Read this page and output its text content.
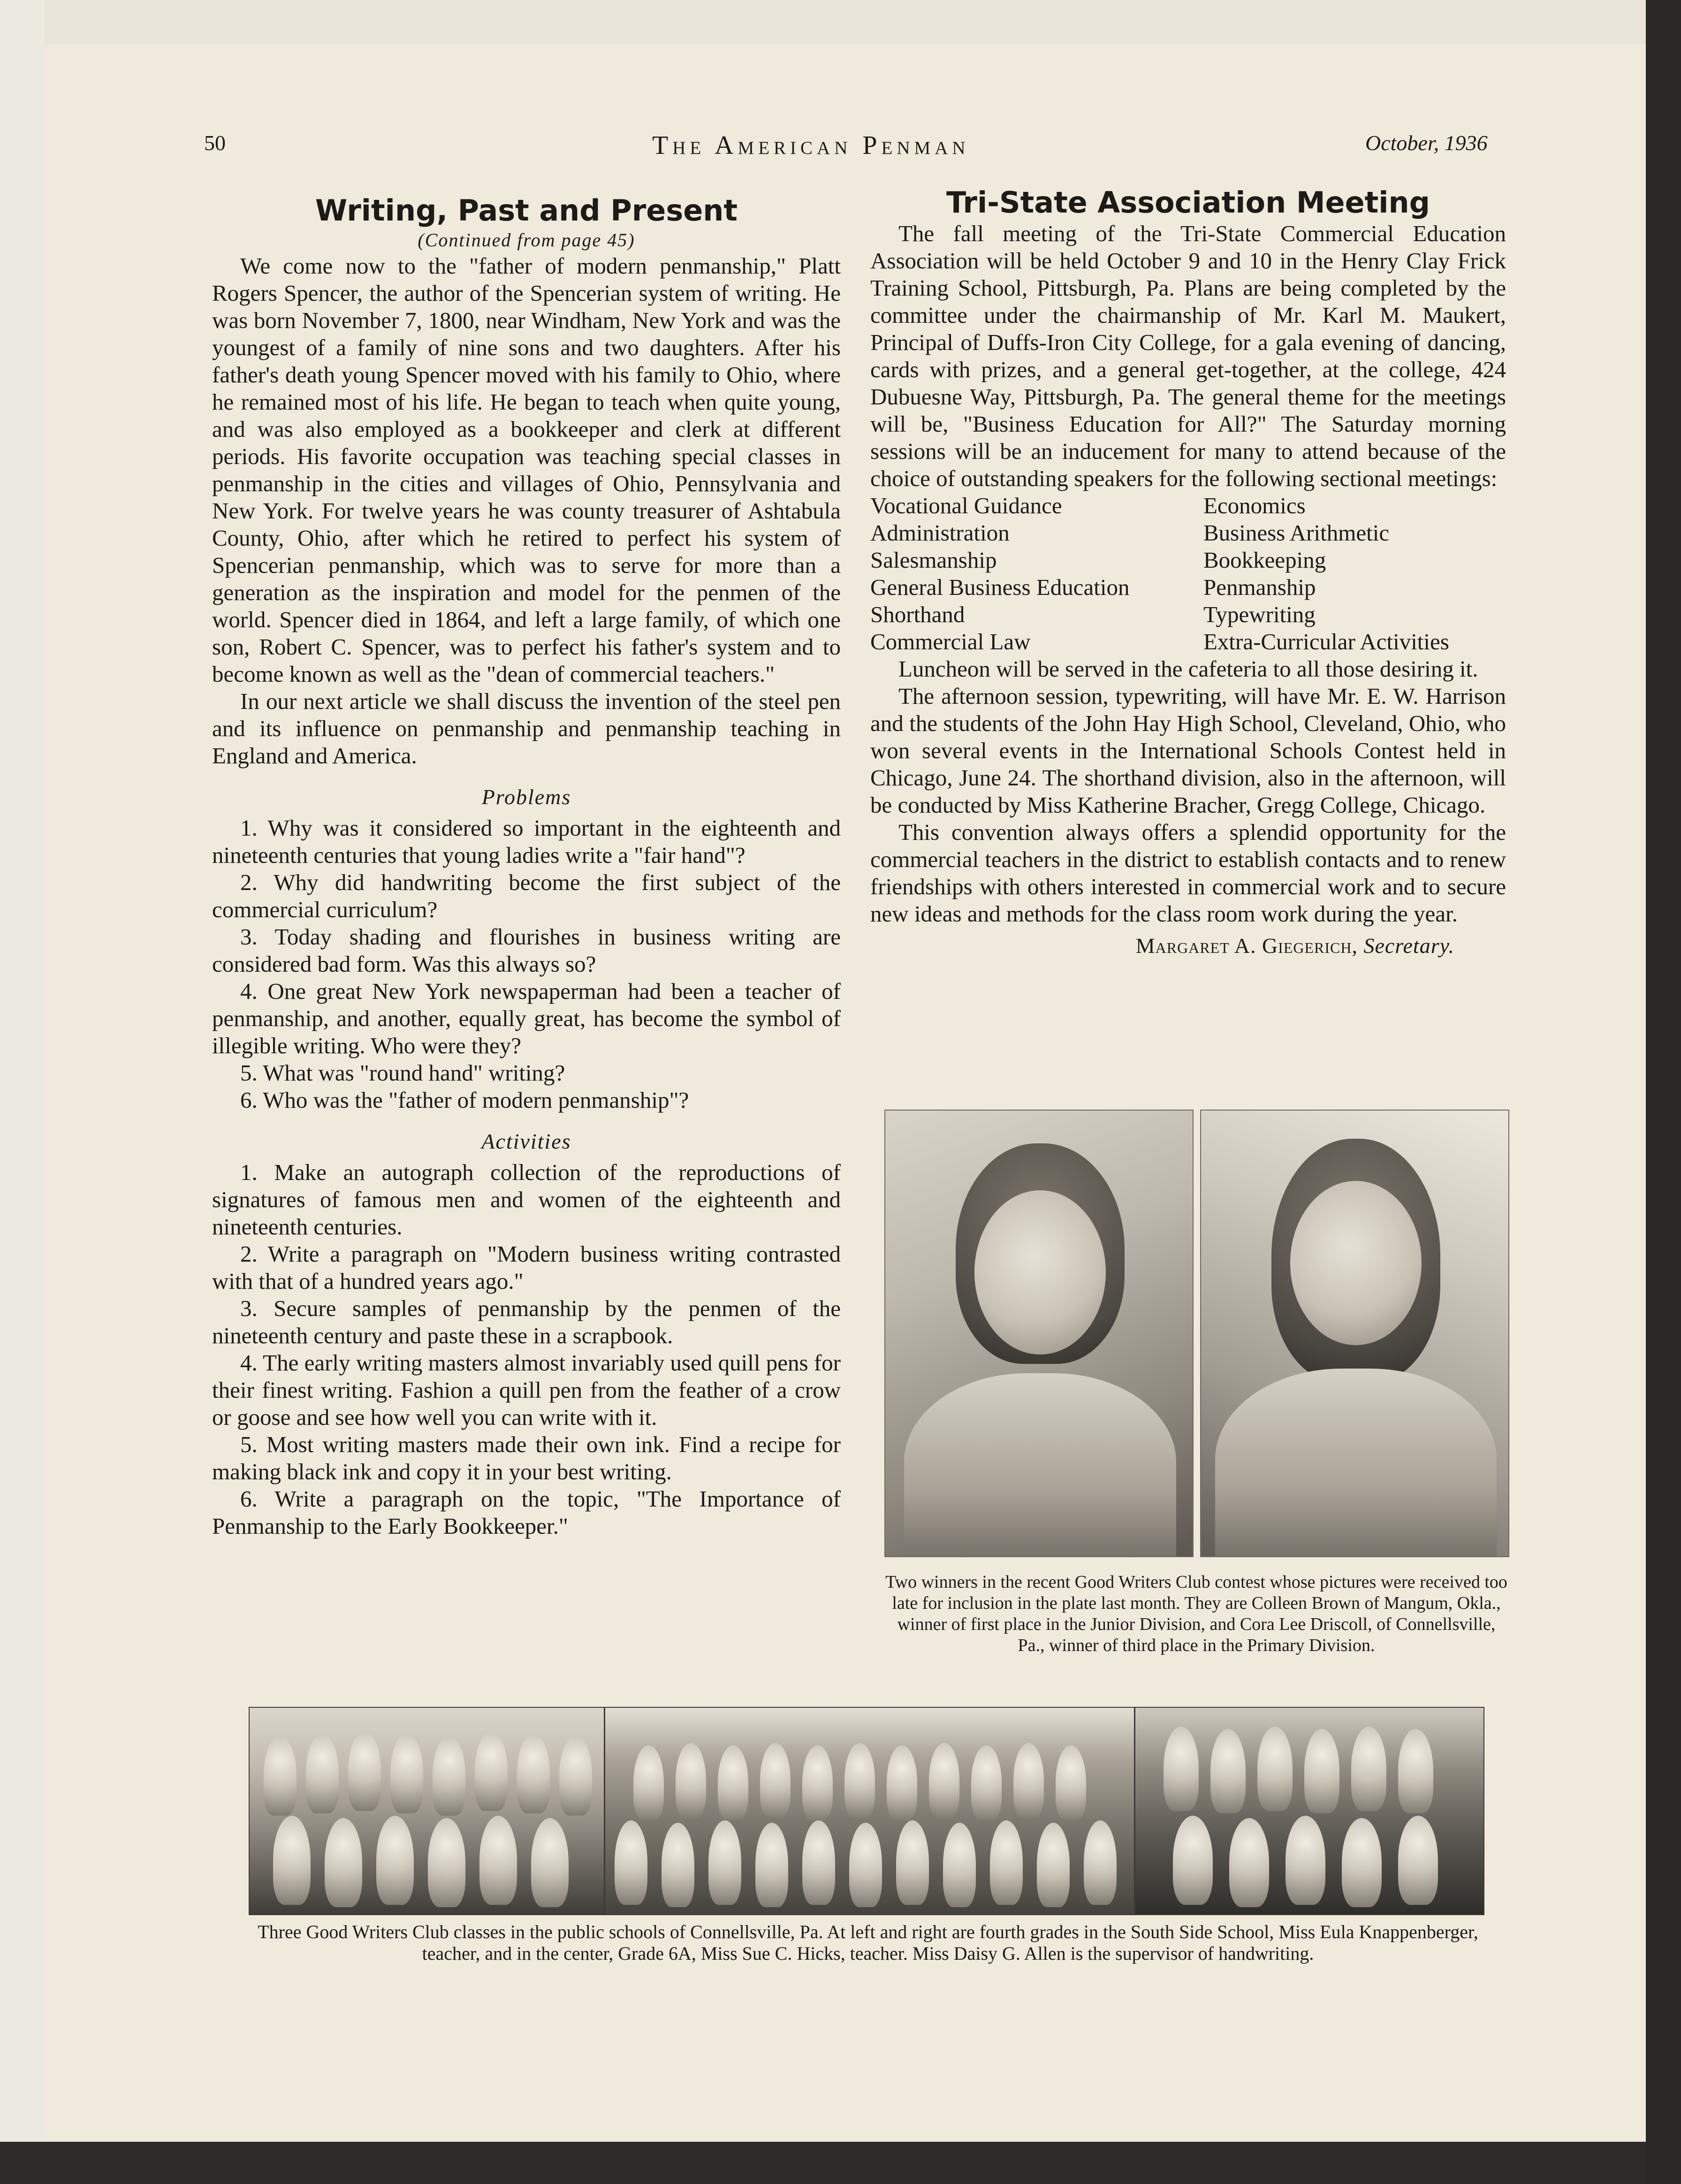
50	The American Penman	October, 1936
Writing, Past and Present
(Continued from page 45)

We come now to the "father of modern penmanship," Platt Rogers Spencer, the author of the Spencerian system of writing. He was born November 7, 1800, near Windham, New York and was the youngest of a family of nine sons and two daughters. After his father's death young Spencer moved with his family to Ohio, where he remained most of his life. He began to teach when quite young, and was also employed as a bookkeeper and clerk at different periods. His favorite occupation was teaching special classes in penmanship in the cities and villages of Ohio, Pennsylvania and New York. For twelve years he was county treasurer of Ashtabula County, Ohio, after which he retired to perfect his system of Spencerian penmanship, which was to serve for more than a generation as the inspiration and model for the penmen of the world. Spencer died in 1864, and left a large family, of which one son, Robert C. Spencer, was to perfect his father's system and to become known as well as the "dean of commercial teachers."

In our next article we shall discuss the invention of the steel pen and its influence on penmanship and penmanship teaching in England and America.

Problems

1. Why was it considered so important in the eighteenth and nineteenth centuries that young ladies write a "fair hand"?

2. Why did handwriting become the first subject of the commercial curriculum?

3. Today shading and flourishes in business writing are considered bad form. Was this always so?

4. One great New York newspaperman had been a teacher of penmanship, and another, equally great, has become the symbol of illegible writing. Who were they?

5. What was "round hand" writing?

6. Who was the "father of modern penmanship"?

Activities

1. Make an autograph collection of the reproductions of signatures of famous men and women of the eighteenth and nineteenth centuries.

2. Write a paragraph on "Modern business writing contrasted with that of a hundred years ago."

3. Secure samples of penmanship by the penmen of the nineteenth century and paste these in a scrapbook.

4. The early writing masters almost invariably used quill pens for their finest writing. Fashion a quill pen from the feather of a crow or goose and see how well you can write with it.

5. Most writing masters made their own ink. Find a recipe for making black ink and copy it in your best writing.

6. Write a paragraph on the topic, "The Importance of Penmanship to the Early Bookkeeper."

Tri-State Association Meeting

The fall meeting of the Tri-State Commercial Education Association will be held October 9 and 10 in the Henry Clay Frick Training School, Pittsburgh, Pa. Plans are being completed by the committee under the chairmanship of Mr. Karl M. Maukert, Principal of Duffs-Iron City College, for a gala evening of dancing, cards with prizes, and a general get-together, at the college, 424 Dubuesne Way, Pittsburgh, Pa. The general theme for the meetings will be, "Business Education for All?" The Saturday morning sessions will be an inducement for many to attend because of the choice of outstanding speakers for the following sectional meetings:

Vocational Guidance	Economics
Administration	Business Arithmetic
Salesmanship	Bookkeeping
General Business Education	Penmanship
Shorthand	Typewriting
Commercial Law	Extra-Curricular Activities

Luncheon will be served in the cafeteria to all those desiring it.

The afternoon session, typewriting, will have Mr. E. W. Harrison and the students of the John Hay High School, Cleveland, Ohio, who won several events in the International Schools Contest held in Chicago, June 24. The shorthand division, also in the afternoon, will be conducted by Miss Katherine Bracher, Gregg College, Chicago.

This convention always offers a splendid opportunity for the commercial teachers in the district to establish contacts and to renew friendships with others interested in commercial work and to secure new ideas and methods for the class room work during the year.

Margaret A. Giegerich, Secretary.

Two winners in the recent Good Writers Club contest whose pictures were received too late for inclusion in the plate last month. They are Colleen Brown of Mangum, Okla., winner of first place in the Junior Division, and Cora Lee Driscoll, of Connellsville, Pa., winner of third place in the Primary Division.
Three Good Writers Club classes in the public schools of Connellsville, Pa. At left and right are fourth grades in the South Side School, Miss Eula Knappenberger, teacher, and in the center, Grade 6A, Miss Sue C. Hicks, teacher. Miss Daisy G. Allen is the supervisor of handwriting.
